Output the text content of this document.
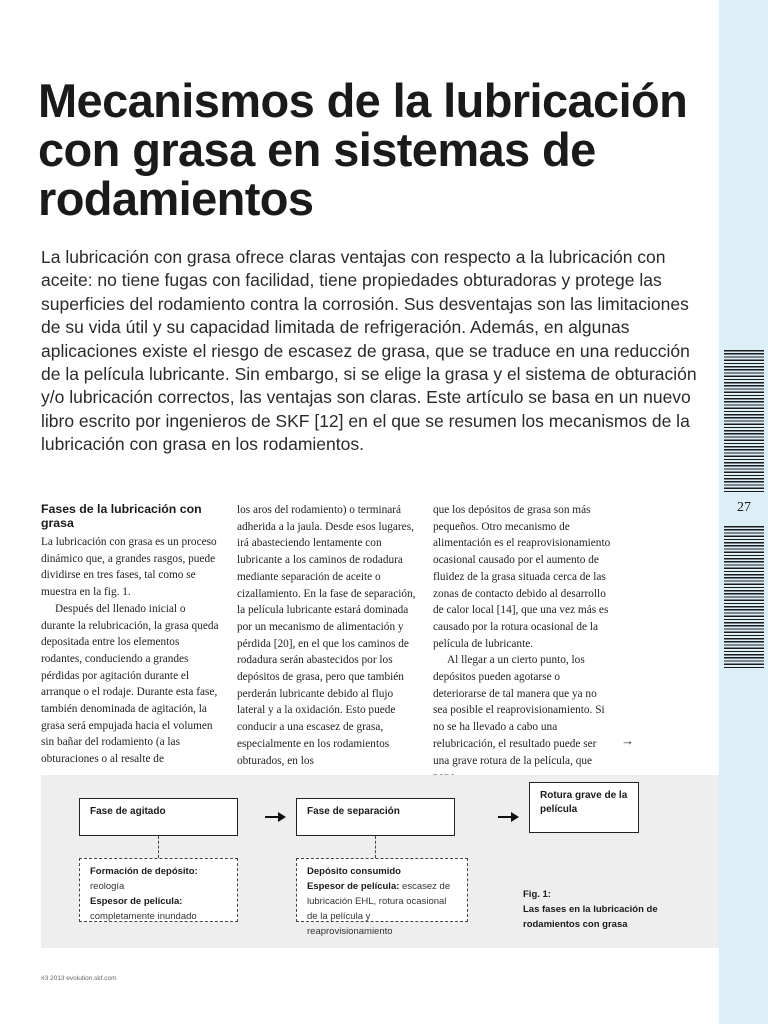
27
Mecanismos de la lubricación con grasa en sistemas de rodamientos

La lubricación con grasa ofrece claras ventajas con respecto a la lubricación con aceite: no tiene fugas con facilidad, tiene propiedades obturadoras y protege las superficies del rodamiento contra la corrosión. Sus desventajas son las limitaciones de su vida útil y su capacidad limitada de refrigeración. Además, en algunas aplicaciones existe el riesgo de escasez de grasa, que se traduce en una reducción de la película lubricante. Sin embargo, si se elige la grasa y el sistema de obturación y/o lubricación correctos, las ventajas son claras. Este artículo se basa en un nuevo libro escrito por ingenieros de SKF [12] en el que se resumen los mecanismos de la lubricación con grasa en los rodamientos.

Fases de la lubricación con grasa

La lubricación con grasa es un proceso dinámico que, a grandes rasgos, puede dividirse en tres fases, tal como se muestra en la fig. 1.

Después del llenado inicial o durante la relubricación, la grasa queda depositada entre los elementos rodantes, conduciendo a grandes pérdidas por agitación durante el arranque o el rodaje. Durante esta fase, también denominada de agitación, la grasa será empujada hacia el volumen sin bañar del rodamiento (a las obturaciones o al resalte de

los aros del rodamiento) o terminará adherida a la jaula. Desde esos lugares, irá abasteciendo lentamente con lubricante a los caminos de rodadura mediante separación de aceite o cizallamiento. En la fase de separación, la película lubricante estará dominada por un mecanismo de alimentación y pérdida [20], en el que los caminos de rodadura serán abastecidos por los depósitos de grasa, pero que también perderán lubricante debido al flujo lateral y a la oxidación. Esto puede conducir a una escasez de grasa, especialmente en los rodamientos obturados, en los

que los depósitos de grasa son más pequeños. Otro mecanismo de alimentación es el reaprovisionamiento ocasional causado por el aumento de fluidez de la grasa situada cerca de las zonas de contacto debido al desarrollo de calor local [14], que una vez más es causado por la rotura ocasional de la película de lubricante.

Al llegar a un cierto punto, los depósitos pueden agotarse o deteriorarse de tal manera que ya no sea posible el reaprovisionamiento. Si no se ha llevado a cabo una relubricación, el resultado puede ser una grave rotura de la película, que

→
Fase de agitado	Fase de separación
Rotura grave de la película
Formación de depósito:
reología
Espesor de película:
completamente inundado
Depósito consumido
Espesor de película: escasez de lubricación EHL, rotura ocasional de la película y reaprovisionamiento
Fig. 1:
Las fases en la lubricación de rodamientos con grasa
#3 2013 evolution.skf.com
